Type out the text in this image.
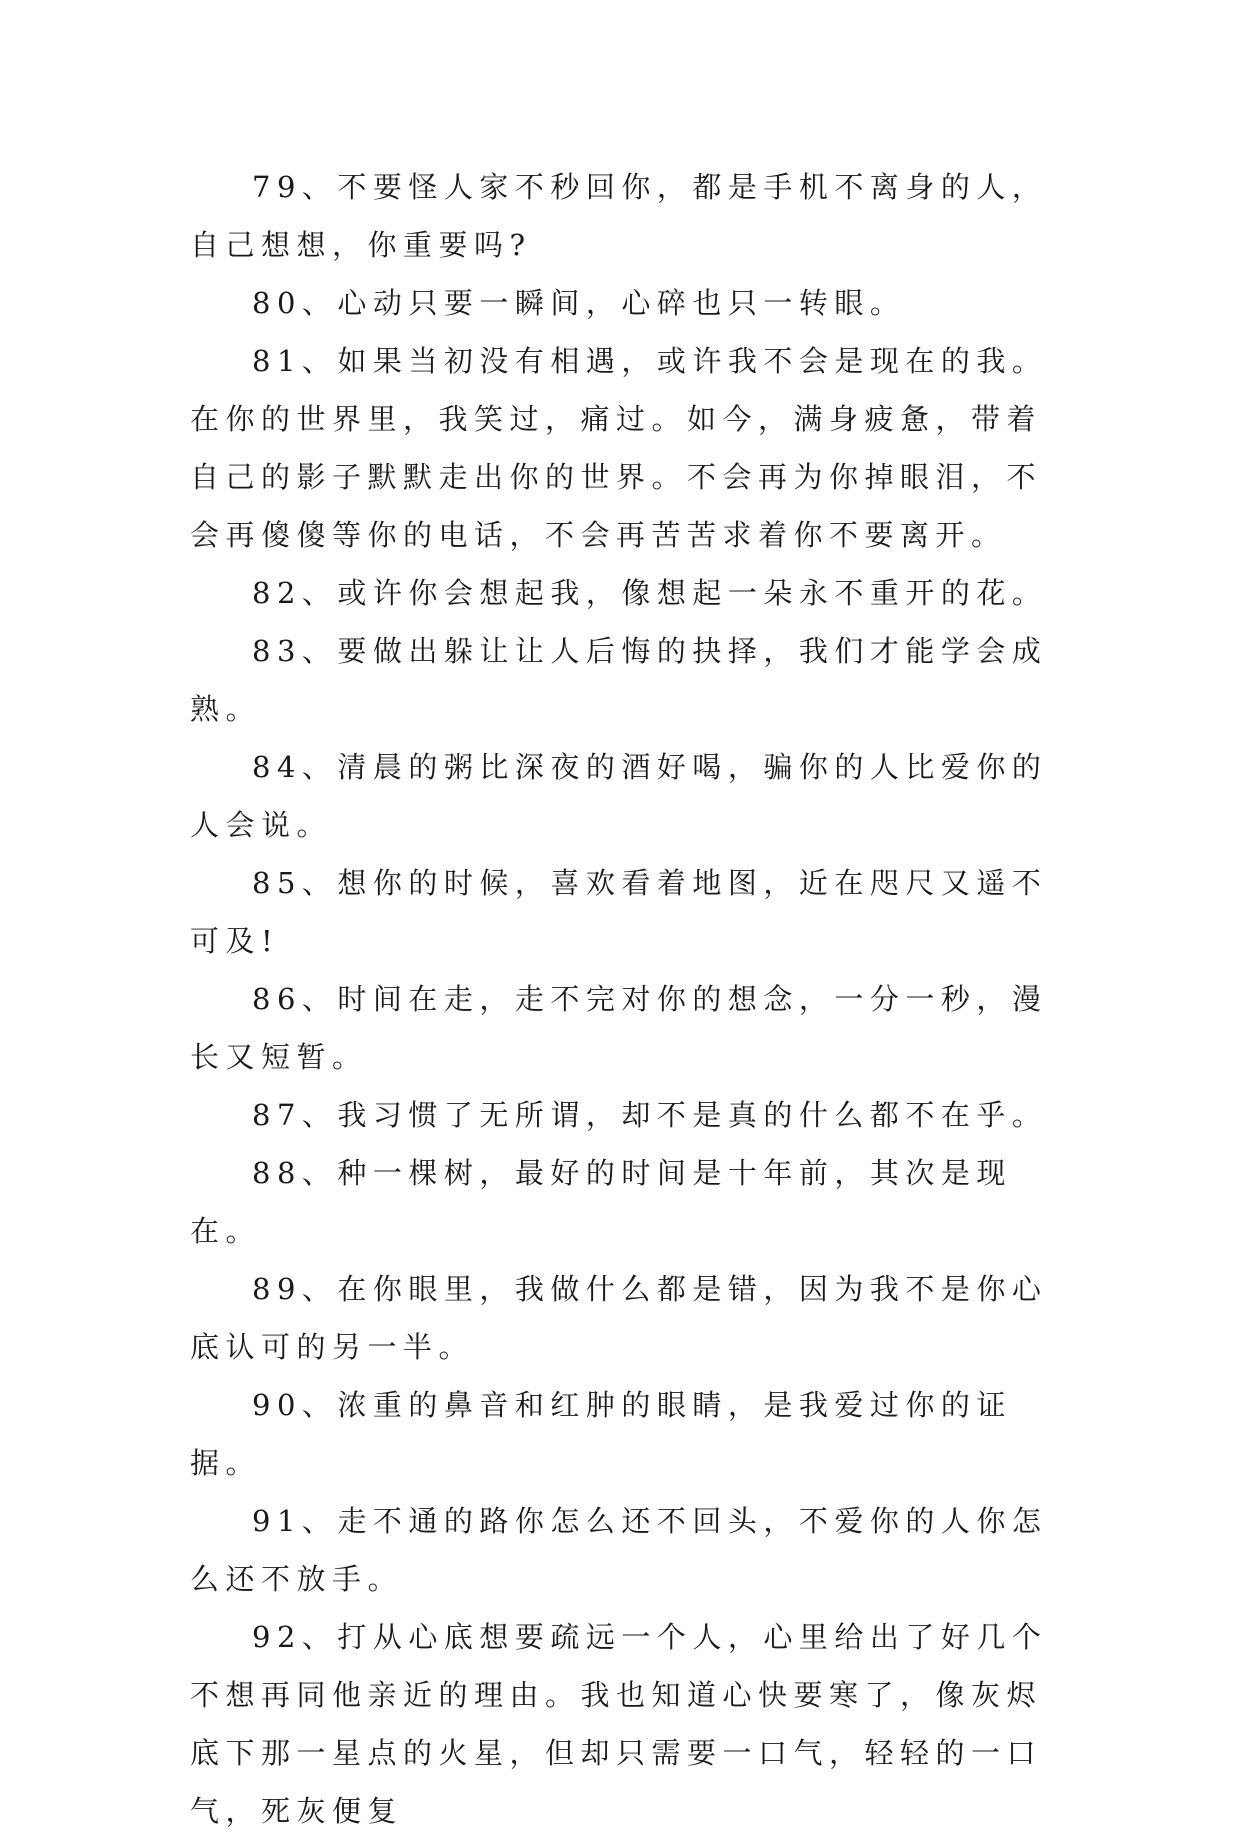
79、不要怪人家不秒回你，都是手机不离身的人，自己想想，你重要吗?

80、心动只要一瞬间，心碎也只一转眼。

81、如果当初没有相遇，或许我不会是现在的我。在你的世界里，我笑过，痛过。如今，满身疲惫，带着自己的影子默默走出你的世界。不会再为你掉眼泪，不会再傻傻等你的电话，不会再苦苦求着你不要离开。

82、或许你会想起我，像想起一朵永不重开的花。

83、要做出躲让让人后悔的抉择，我们才能学会成熟。

84、清晨的粥比深夜的酒好喝，骗你的人比爱你的人会说。

85、想你的时候，喜欢看着地图，近在咫尺又遥不可及!

86、时间在走，走不完对你的想念，一分一秒，漫长又短暂。

87、我习惯了无所谓，却不是真的什么都不在乎。

88、种一棵树，最好的时间是十年前，其次是现在。

89、在你眼里，我做什么都是错，因为我不是你心底认可的另一半。

90、浓重的鼻音和红肿的眼睛，是我爱过你的证据。

91、走不通的路你怎么还不回头，不爱你的人你怎么还不放手。

92、打从心底想要疏远一个人，心里给出了好几个不想再同他亲近的理由。我也知道心快要寒了，像灰烬底下那一星点的火星，但却只需要一口气，轻轻的一口气，死灰便复
